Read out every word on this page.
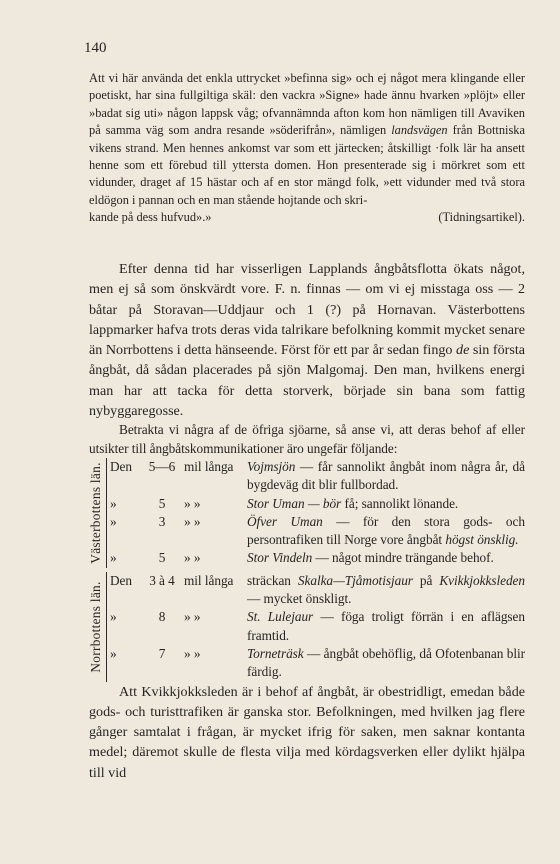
140
Att vi här använda det enkla uttrycket »befinna sig» och ej något mera klingande eller poetiskt, har sina fullgiltiga skäl: den vackra »Signe» hade ännu hvarken »plöjt» eller »badat sig uti» någon lappsk våg; ofvannämnda afton kom hon nämligen till Avaviken på samma väg som andra resande »söderifrån», nämligen landsvägen från Bottniska vikens strand. Men hennes ankomst var som ett järtecken; åtskilligt ·folk lär ha ansett henne som ett förebud till yttersta domen. Hon presenterade sig i mörkret som ett vidunder, draget af 15 hästar och af en stor mängd folk, »ett vidunder med två stora eldögon i pannan och en man stående hojtande och skri-
kande på dess hufvud».»	(Tidningsartikel).

Efter denna tid har visserligen Lapplands ångbåtsflotta ökats något, men ej så som önskvärdt vore. F. n. finnas — om vi ej misstaga oss — 2 båtar på Storavan—Uddjaur och 1 (?) på Hornavan. Västerbottens lappmarker hafva trots deras vida talrikare befolkning kommit mycket senare än Norrbottens i detta hänseende. Först för ett par år sedan fingo de sin första ångbåt, då sådan placerades på sjön Malgomaj. Den man, hvilkens energi man har att tacka för detta storverk, började sin bana som fattig nybyggaregosse.

Betrakta vi några af de öfriga sjöarne, så anse vi, att deras behof af eller utsikter till ångbåtskommunikationer äro ungefär följande:

Västerbottens län. Den 5—6 mil långa	Vojmsjön — får sannolikt ångbåt inom några år, då bygdeväg dit blir fullbordad.
»	5 » »	Stor Uman — bör få; sannolikt lönande.
»	3 » »	Öfver Uman — för den stora gods- och persontrafiken till Norge vore ångbåt högst önsklig.
»	5 » »	Stor Vindeln — något mindre trängande behof.
Norrbottens län.
Den 3 à 4 mil långa	sträckan Skalka—Tjåmotisjaur på Kvikkjokksleden — mycket önskligt.
»	8 » »	St. Lulejaur — föga troligt förrän i en aflägsen framtid.
»	7 » »	Torneträsk — ångbåt obehöflig, då Ofotenbanan blir färdig.

Att Kvikkjokksleden är i behof af ångbåt, är obestridligt, emedan både gods- och turisttrafiken är ganska stor. Befolkningen, med hvilken jag flere gånger samtalat i frågan, är mycket ifrig för saken, men saknar kontanta medel; däremot skulle de flesta vilja med kördagsverken eller dylikt hjälpa till vid
